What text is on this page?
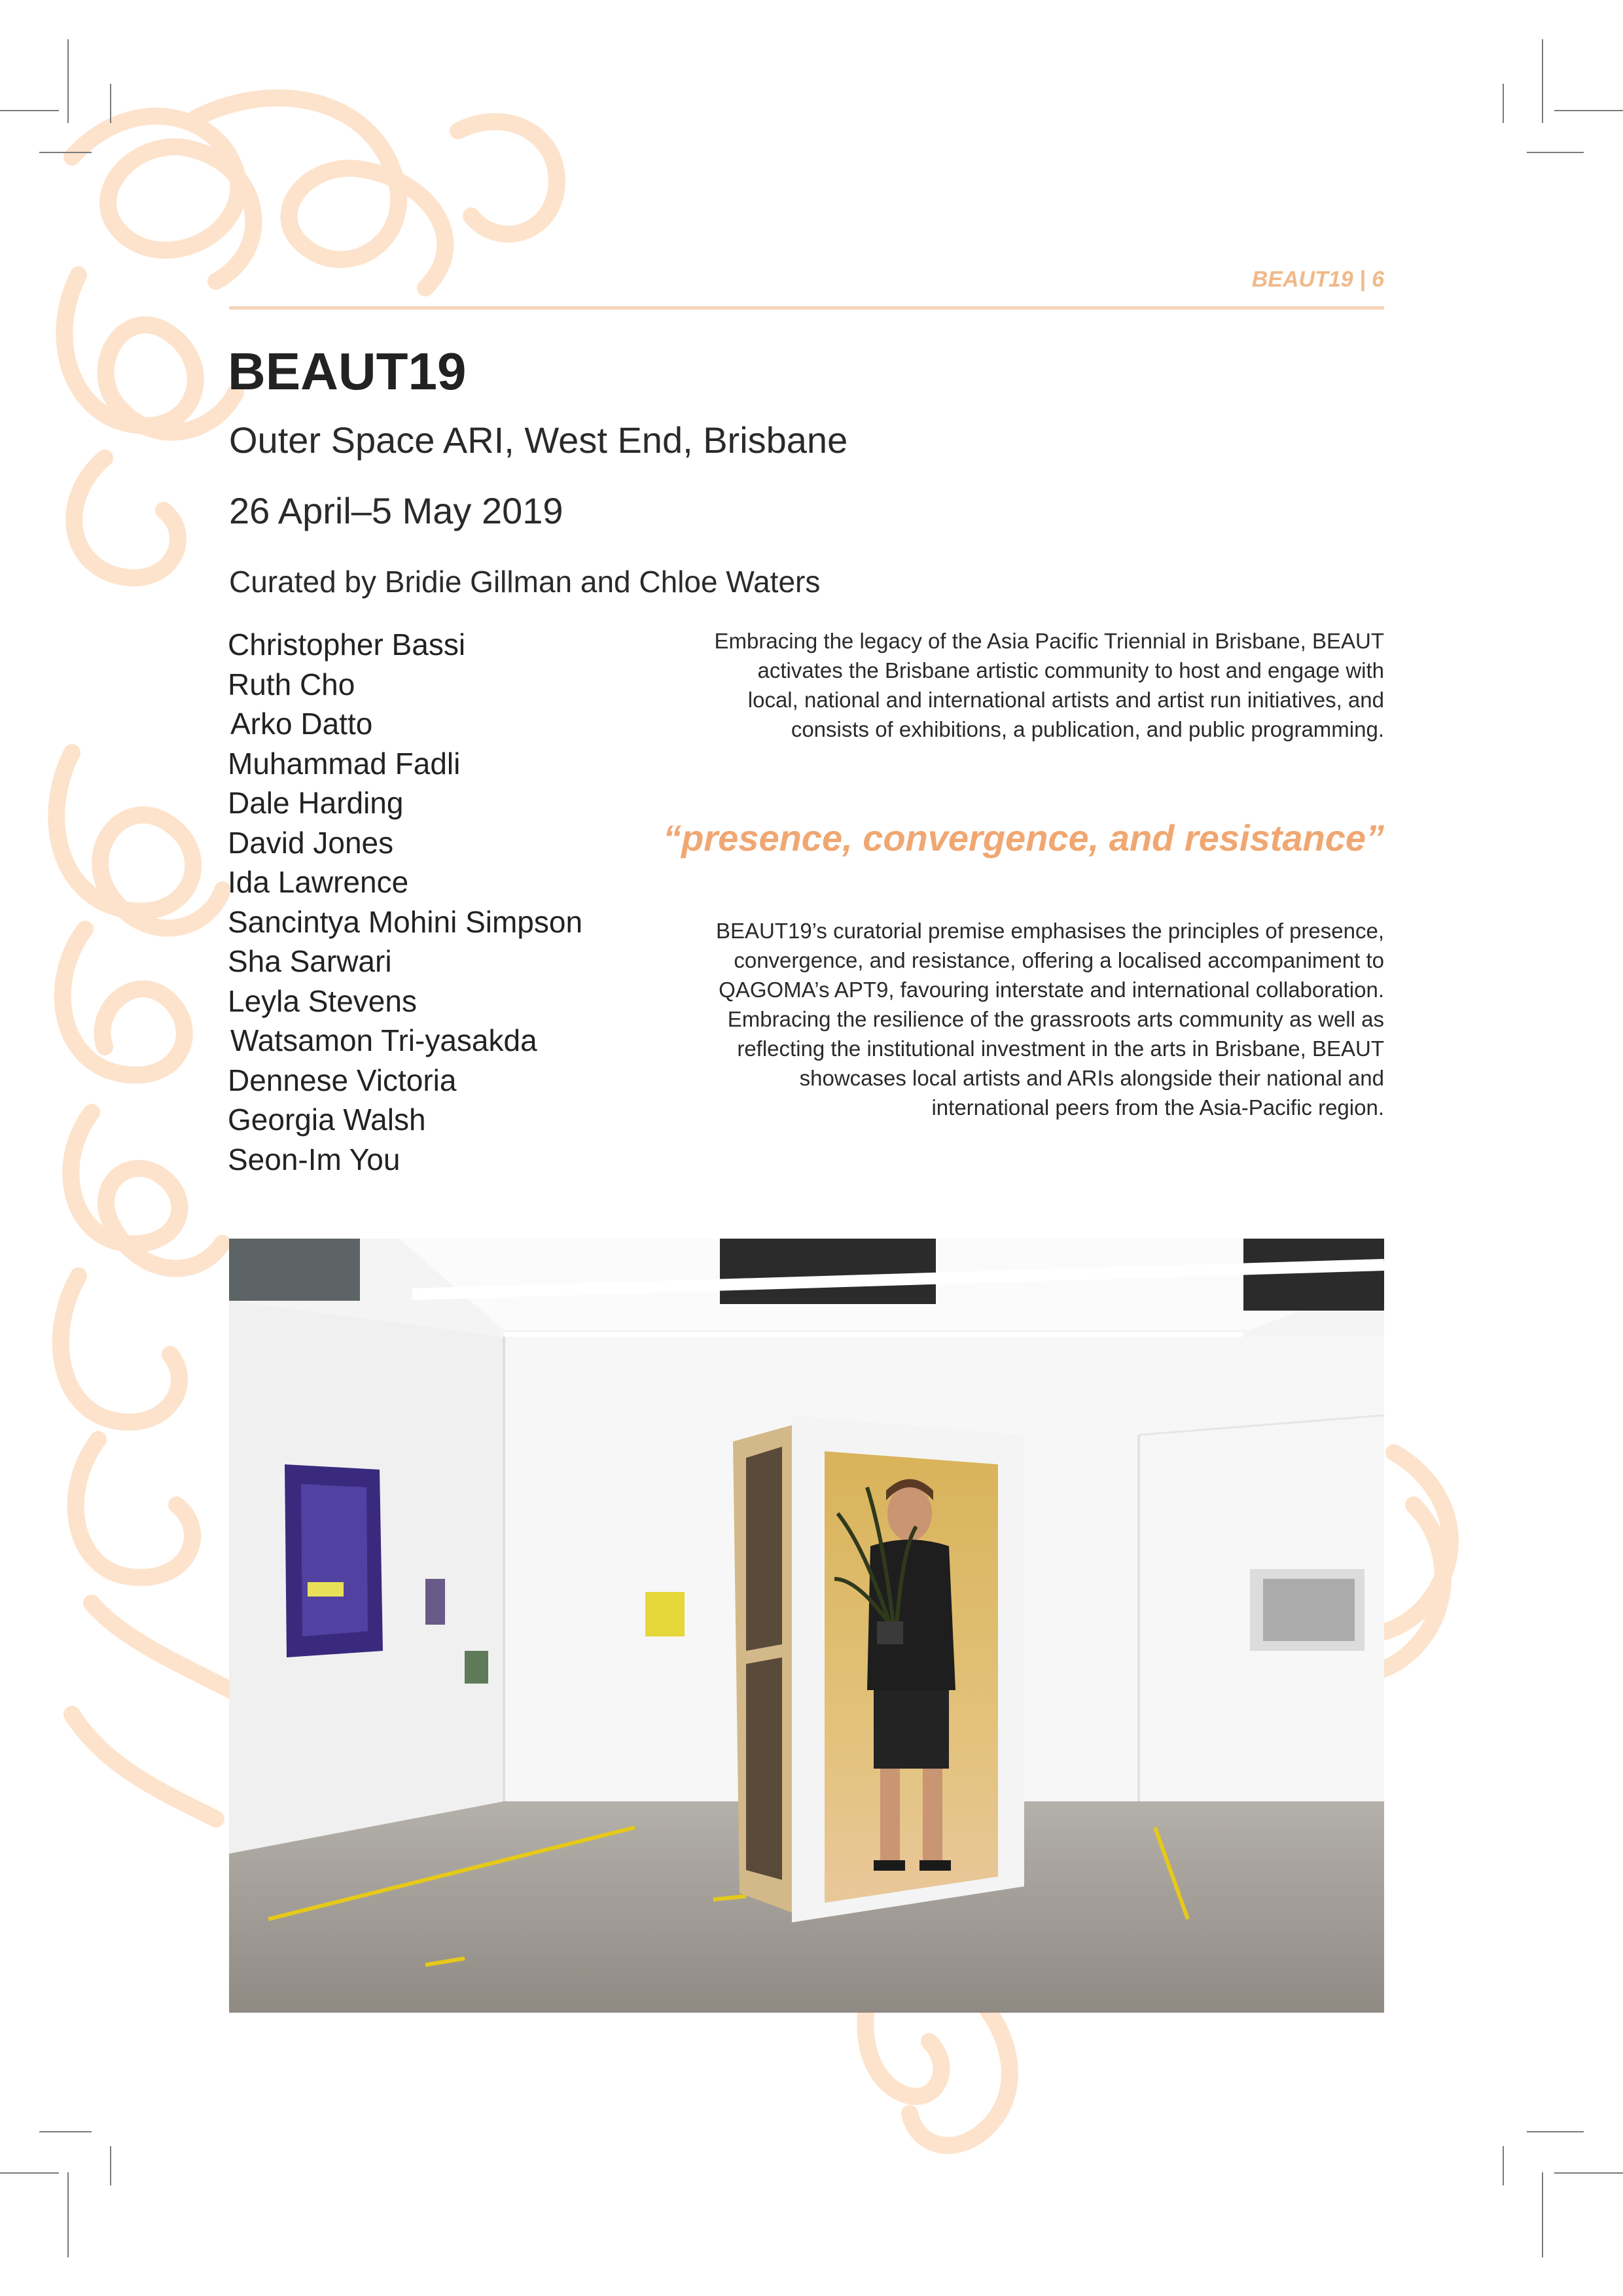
BEAUT19 | 6
BEAUT19
Outer Space ARI, West End, Brisbane
26 April–5 May 2019
Curated by Bridie Gillman and Chloe Waters
Christopher Bassi
Ruth Cho
Arko Datto
Muhammad Fadli
Dale Harding
David Jones
Ida Lawrence
Sancintya Mohini Simpson
Sha Sarwari
Leyla Stevens
Watsamon Tri-yasakda
Dennese Victoria
Georgia Walsh
Seon-Im You

Embracing the legacy of the Asia Pacific Triennial in Brisbane, BEAUT activates the Brisbane artistic community to host and engage with local, national and international artists and artist run initiatives, and consists of exhibitions, a publication, and public programming.

“presence, convergence, and resistance”

BEAUT19’s curatorial premise emphasises the principles of presence, convergence, and resistance, offering a localised accompaniment to QAGOMA’s APT9, favouring interstate and international collaboration. Embracing the resilience of the grassroots arts community as well as reflecting the institutional investment in the arts in Brisbane, BEAUT showcases local artists and ARIs alongside their national and international peers from the Asia-Pacific region.
